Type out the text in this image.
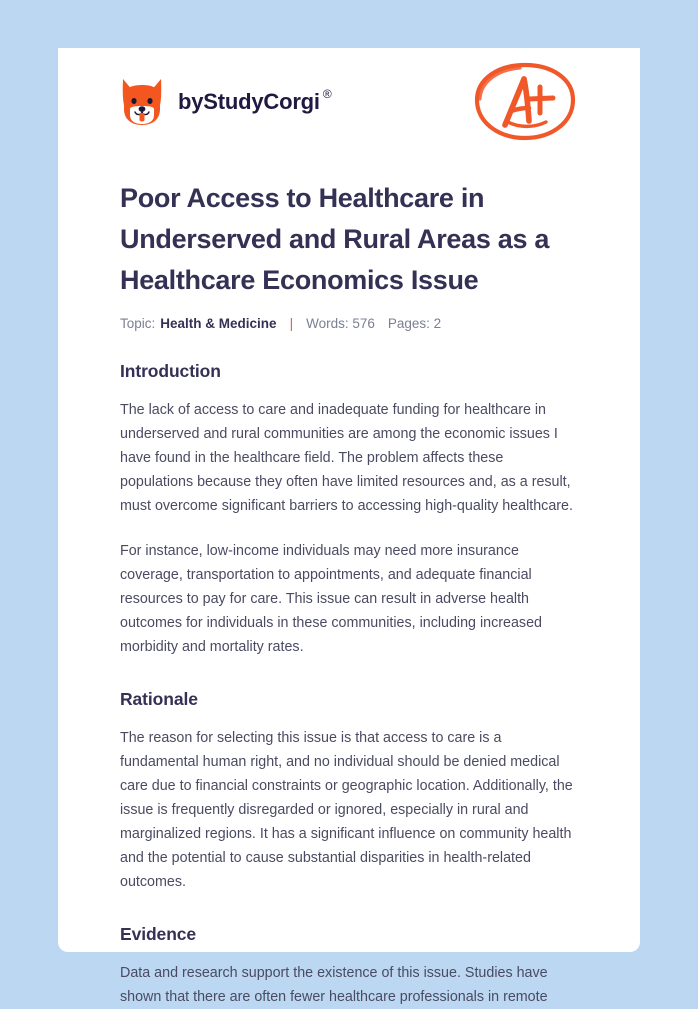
by StudyCorgi ®
Poor Access to Healthcare in Underserved and Rural Areas as a Healthcare Economics Issue
Topic: Health & Medicine | Words: 576 Pages: 2
Introduction

The lack of access to care and inadequate funding for healthcare in underserved and rural communities are among the economic issues I have found in the healthcare field. The problem affects these populations because they often have limited resources and, as a result, must overcome significant barriers to accessing high-quality healthcare.

For instance, low-income individuals may need more insurance coverage, transportation to appointments, and adequate financial resources to pay for care. This issue can result in adverse health outcomes for individuals in these communities, including increased morbidity and mortality rates.

Rationale

The reason for selecting this issue is that access to care is a fundamental human right, and no individual should be denied medical care due to financial constraints or geographic location. Additionally, the issue is frequently disregarded or ignored, especially in rural and marginalized regions. It has a significant influence on community health and the potential to cause substantial disparities in health-related outcomes.

Evidence

Data and research support the existence of this issue. Studies have shown that there are often fewer healthcare professionals in remote
